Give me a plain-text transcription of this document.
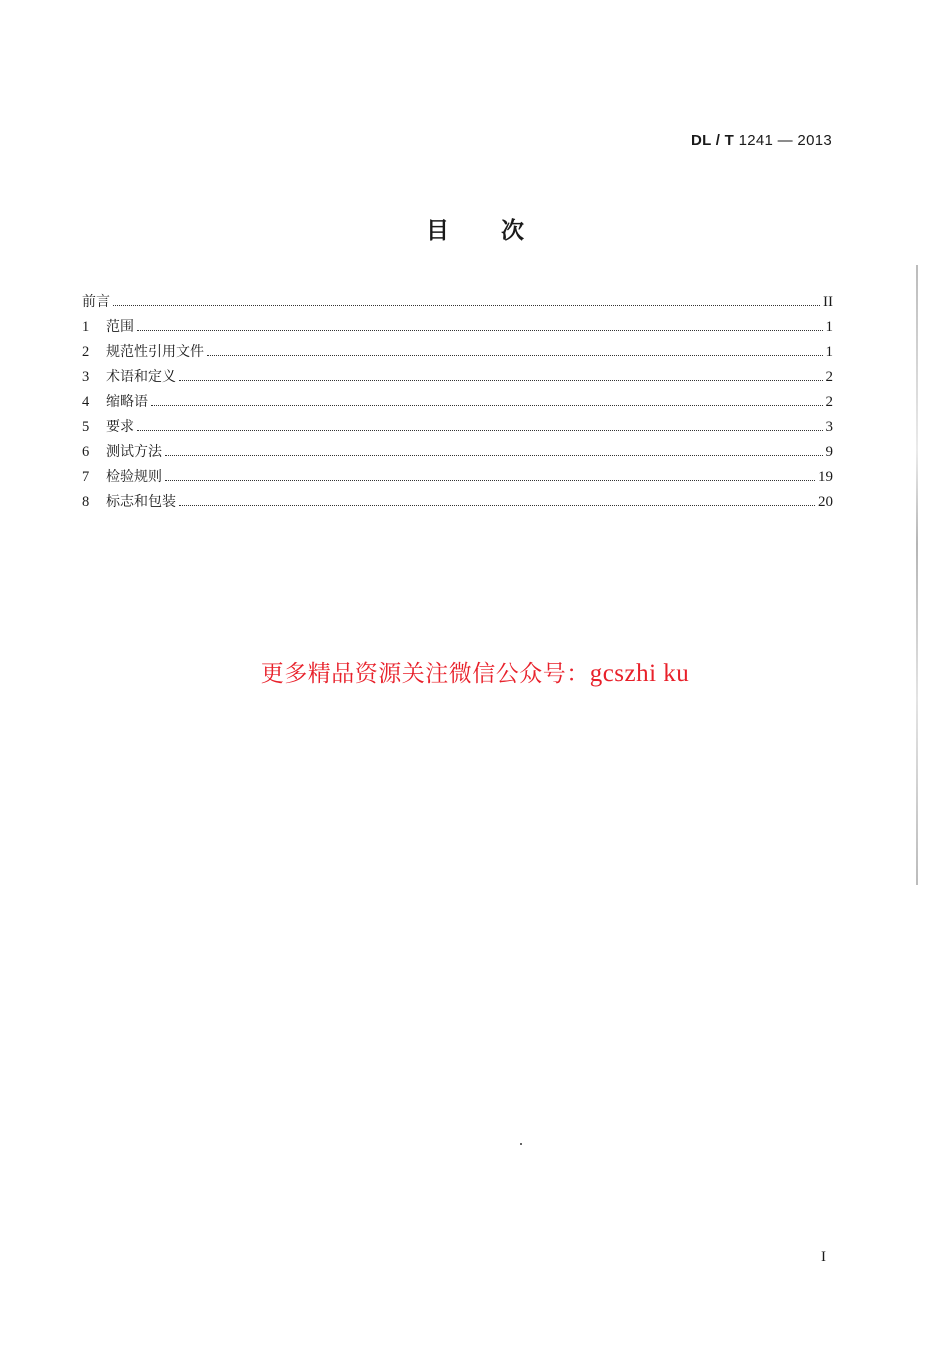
DL / T 1241 — 2013
目 次
前言	II
1	范围	1
2	规范性引用文件	1
3	术语和定义	2
4	缩略语	2
5	要求	3
6	测试方法	9
7	检验规则	19
8	标志和包装	20
更多精品资源关注微信公众号：gcszhi ku
I
